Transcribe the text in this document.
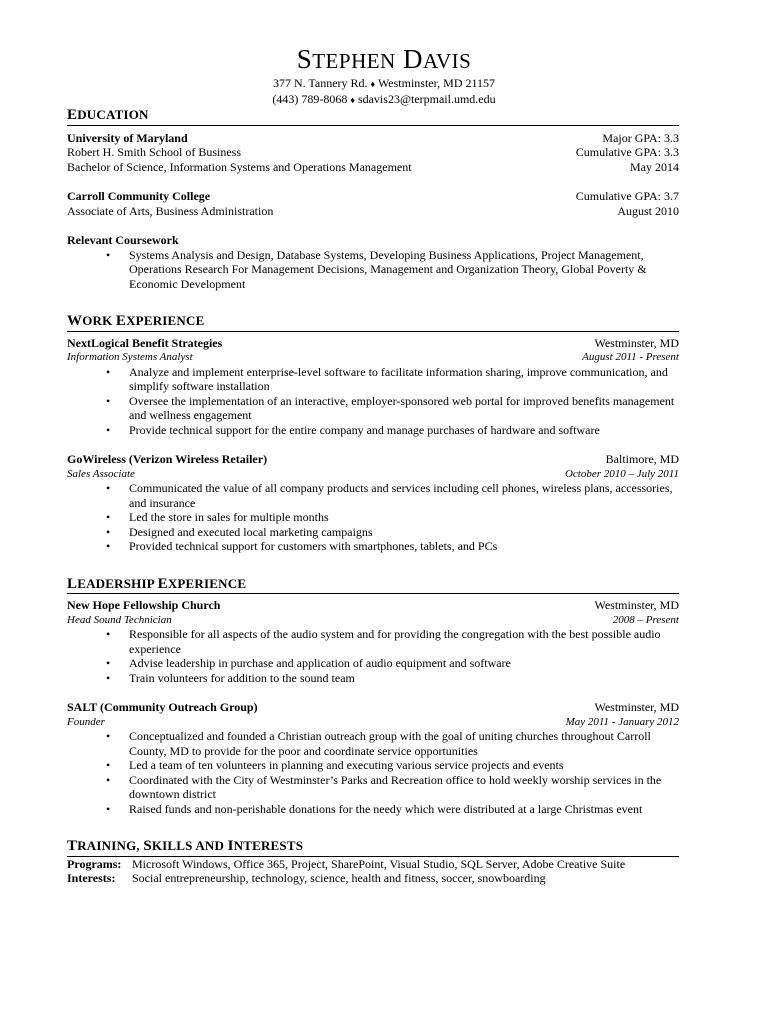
STEPHEN DAVIS
377 N. Tannery Rd. ♦ Westminster, MD 21157
(443) 789-8068 ♦ sdavis23@terpmail.umd.edu
EDUCATION
University of Maryland	Major GPA: 3.3
Robert H. Smith School of Business	Cumulative GPA: 3.3
Bachelor of Science, Information Systems and Operations Management	May 2014
Carroll Community College	Cumulative GPA: 3.7
Associate of Arts, Business Administration	August 2010
Relevant Coursework
• Systems Analysis and Design, Database Systems, Developing Business Applications, Project Management, Operations Research For Management Decisions, Management and Organization Theory, Global Poverty & Economic Development
WORK EXPERIENCE
NextLogical Benefit Strategies	Westminster, MD
Information Systems Analyst	August 2011 - Present
• Analyze and implement enterprise-level software to facilitate information sharing, improve communication, and simplify software installation
• Oversee the implementation of an interactive, employer-sponsored web portal for improved benefits management and wellness engagement
• Provide technical support for the entire company and manage purchases of hardware and software
GoWireless (Verizon Wireless Retailer)	Baltimore, MD
Sales Associate	October 2010 – July 2011
• Communicated the value of all company products and services including cell phones, wireless plans, accessories, and insurance
• Led the store in sales for multiple months
• Designed and executed local marketing campaigns
• Provided technical support for customers with smartphones, tablets, and PCs
LEADERSHIP EXPERIENCE
New Hope Fellowship Church	Westminster, MD
Head Sound Technician	2008 – Present
• Responsible for all aspects of the audio system and for providing the congregation with the best possible audio experience
• Advise leadership in purchase and application of audio equipment and software
• Train volunteers for addition to the sound team
SALT (Community Outreach Group)	Westminster, MD
Founder	May 2011 - January 2012
• Conceptualized and founded a Christian outreach group with the goal of uniting churches throughout Carroll County, MD to provide for the poor and coordinate service opportunities
• Led a team of ten volunteers in planning and executing various service projects and events
• Coordinated with the City of Westminster’s Parks and Recreation office to hold weekly worship services in the downtown district
• Raised funds and non-perishable donations for the needy which were distributed at a large Christmas event
TRAINING, SKILLS AND INTERESTS
Programs: Microsoft Windows, Office 365, Project, SharePoint, Visual Studio, SQL Server, Adobe Creative Suite
Interests: Social entrepreneurship, technology, science, health and fitness, soccer, snowboarding
